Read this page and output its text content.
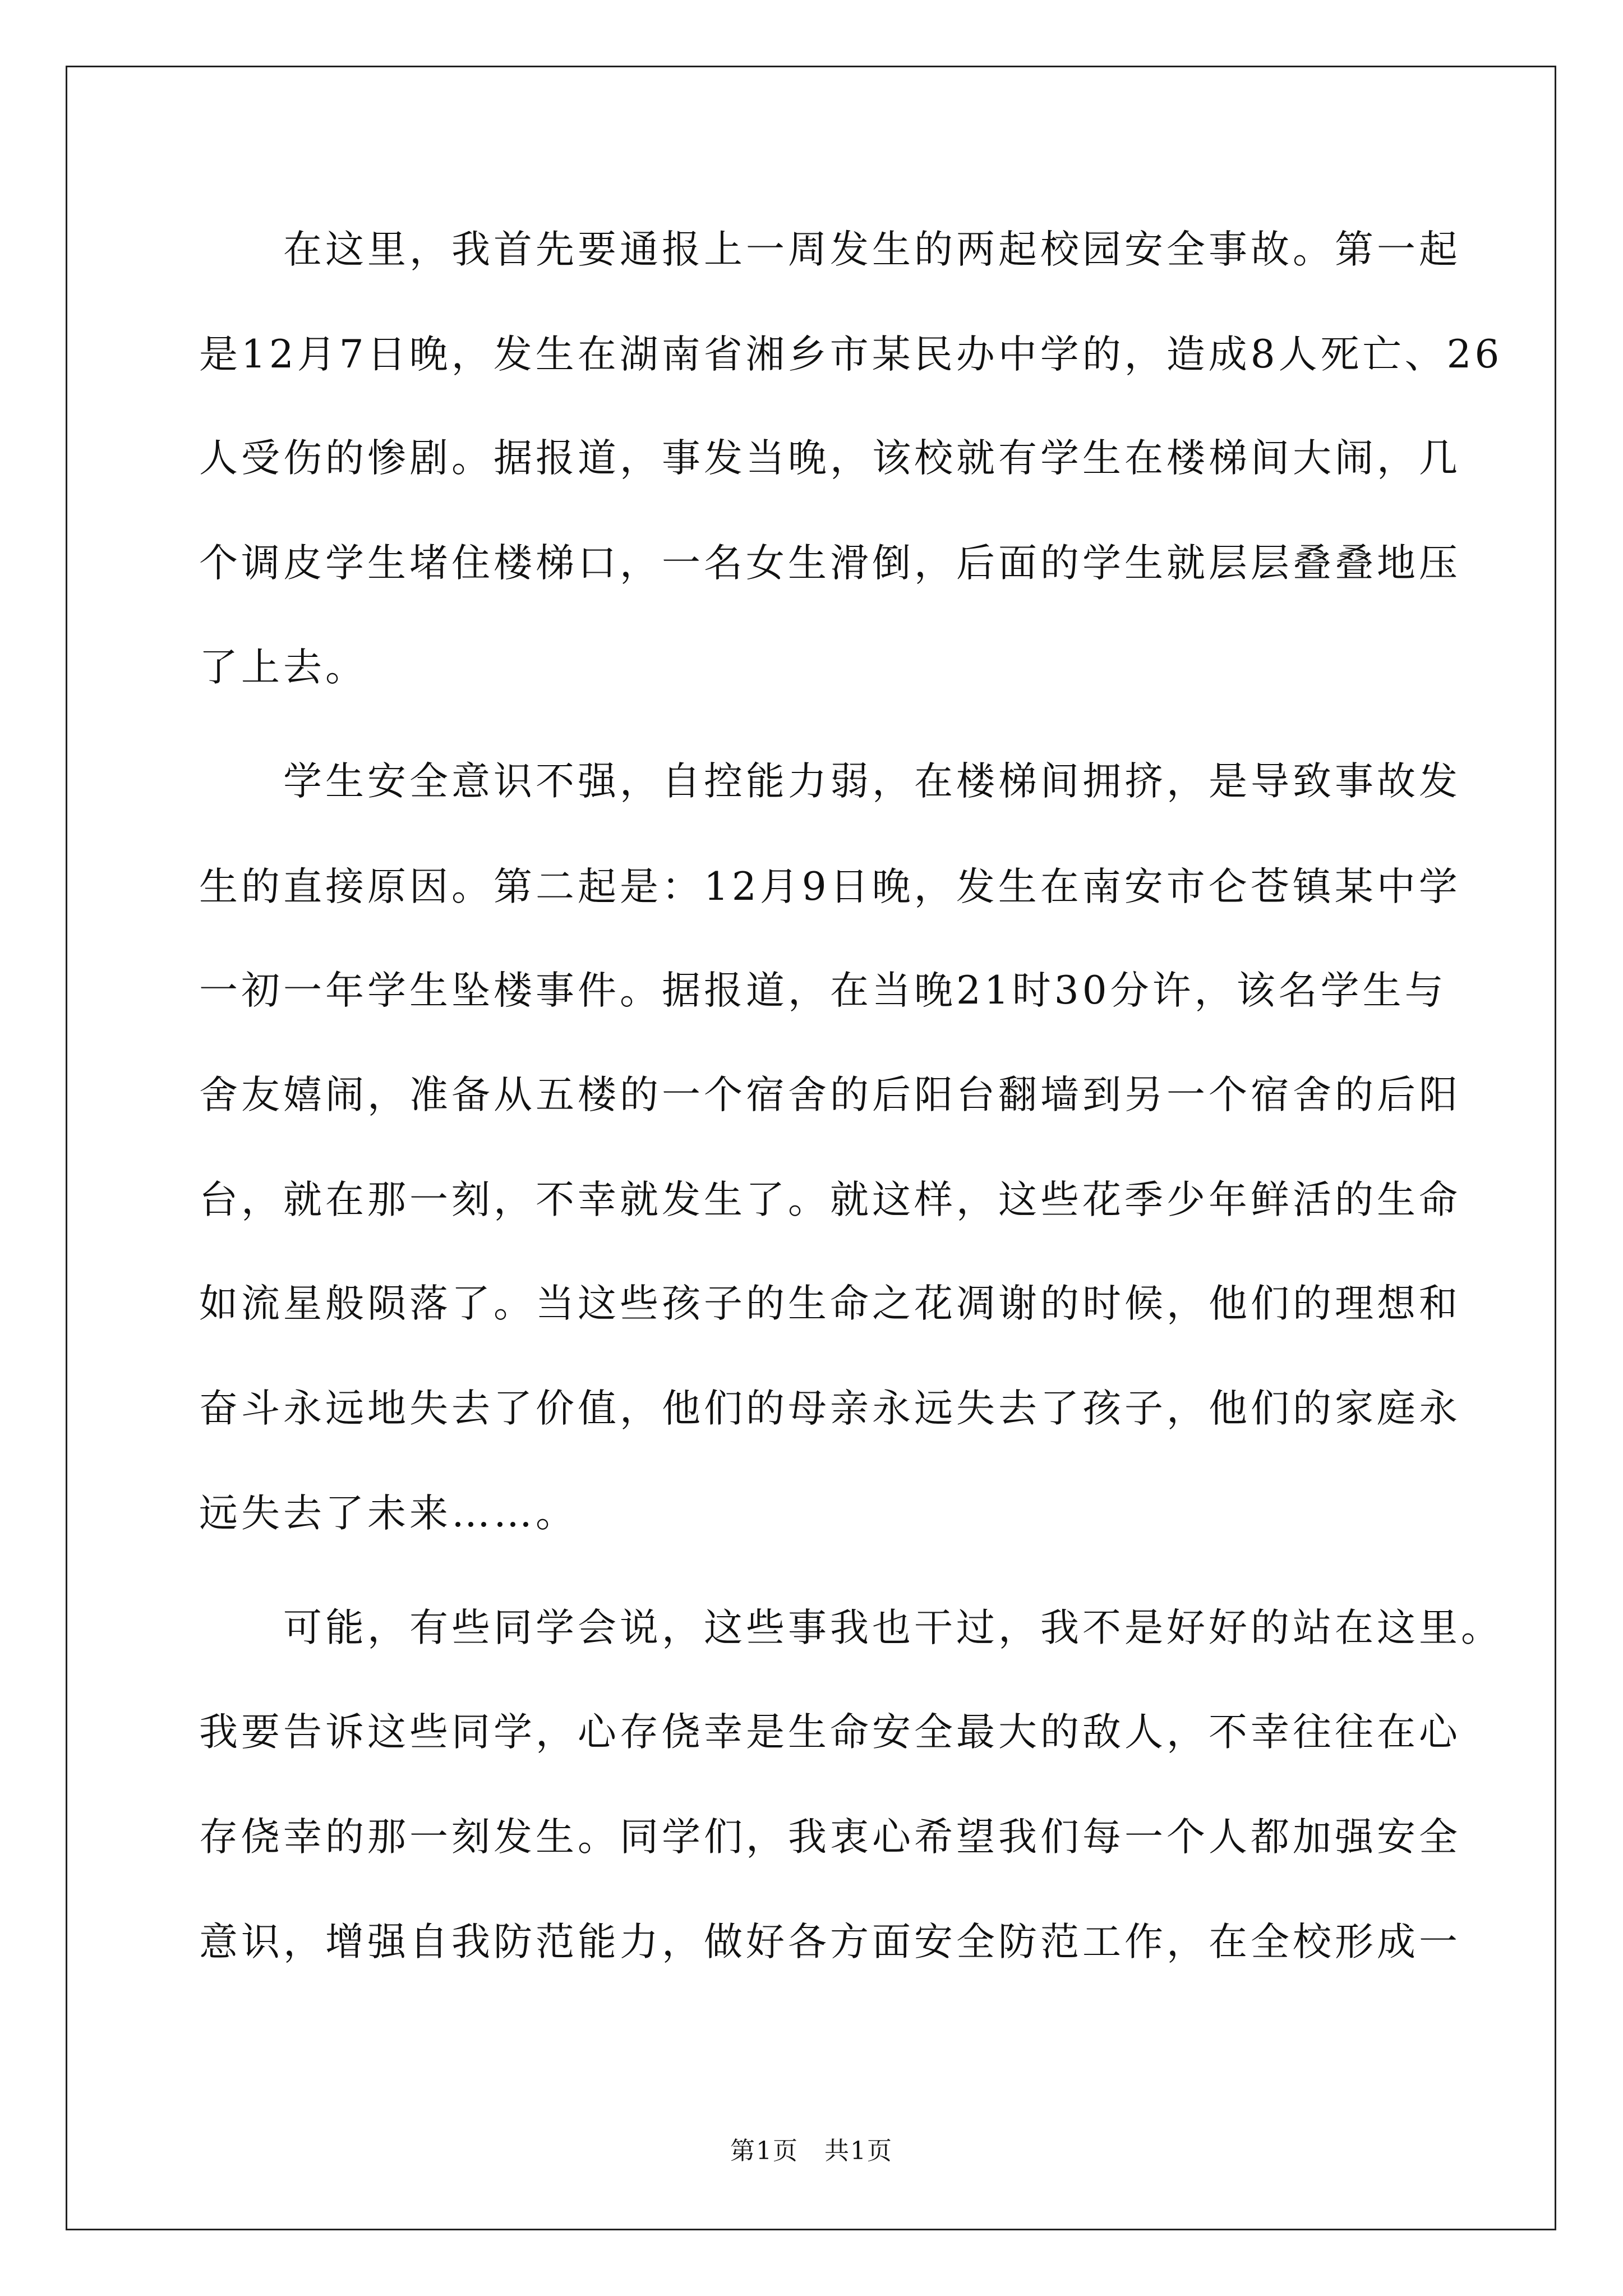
　　在这里，我首先要通报上一周发生的两起校园安全事故。第一起
是12月7日晚，发生在湖南省湘乡市某民办中学的，造成8人死亡、26
人受伤的惨剧。据报道，事发当晚，该校就有学生在楼梯间大闹，几
个调皮学生堵住楼梯口，一名女生滑倒，后面的学生就层层叠叠地压
了上去。
　　学生安全意识不强，自控能力弱，在楼梯间拥挤，是导致事故发
生的直接原因。第二起是：12月9日晚，发生在南安市仑苍镇某中学
一初一年学生坠楼事件。据报道，在当晚21时30分许，该名学生与
舍友嬉闹，准备从五楼的一个宿舍的后阳台翻墙到另一个宿舍的后阳
台，就在那一刻，不幸就发生了。就这样，这些花季少年鲜活的生命
如流星般陨落了。当这些孩子的生命之花凋谢的时候，他们的理想和
奋斗永远地失去了价值，他们的母亲永远失去了孩子，他们的家庭永
远失去了未来……。
　　可能，有些同学会说，这些事我也干过，我不是好好的站在这里。
我要告诉这些同学，心存侥幸是生命安全最大的敌人，不幸往往在心
存侥幸的那一刻发生。同学们，我衷心希望我们每一个人都加强安全
意识，增强自我防范能力，做好各方面安全防范工作，在全校形成一
第1页　共1页
